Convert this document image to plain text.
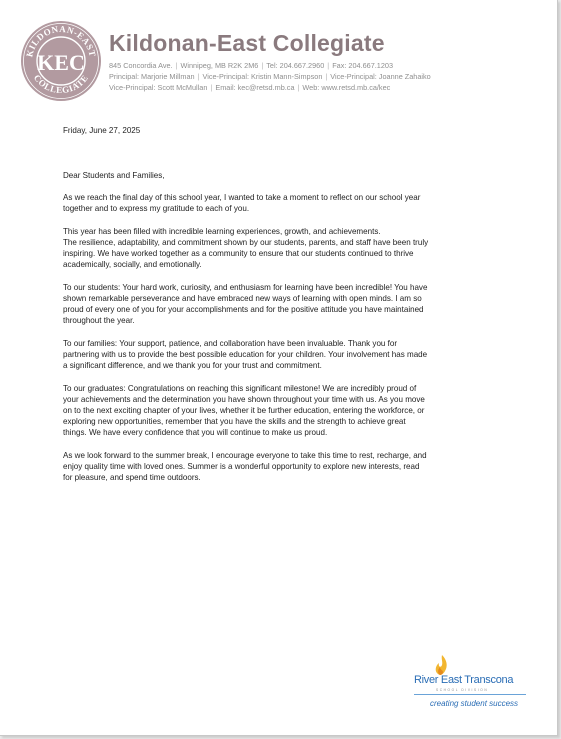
KILDONAN-EAST
COLLEGIATE
KEC
Kildonan-East Collegiate
845 Concordia Ave. | Winnipeg, MB R2K 2M6 | Tel: 204.667.2960 | Fax: 204.667.1203
Principal: Marjorie Millman | Vice-Principal: Kristin Mann-Simpson | Vice-Principal: Joanne Zahaiko
Vice-Principal: Scott McMullan | Email: kec@retsd.mb.ca | Web: www.retsd.mb.ca/kec

Friday, June 27, 2025

Dear Students and Families,

As we reach the final day of this school year, I wanted to take a moment to reflect on our school year
together and to express my gratitude to each of you.

This year has been filled with incredible learning experiences, growth, and achievements.
The resilience, adaptability, and commitment shown by our students, parents, and staff have been truly
inspiring. We have worked together as a community to ensure that our students continued to thrive
academically, socially, and emotionally.

To our students: Your hard work, curiosity, and enthusiasm for learning have been incredible! You have
shown remarkable perseverance and have embraced new ways of learning with open minds. I am so
proud of every one of you for your accomplishments and for the positive attitude you have maintained
throughout the year.

To our families: Your support, patience, and collaboration have been invaluable. Thank you for
partnering with us to provide the best possible education for your children. Your involvement has made
a significant difference, and we thank you for your trust and commitment.

To our graduates: Congratulations on reaching this significant milestone! We are incredibly proud of
your achievements and the determination you have shown throughout your time with us. As you move
on to the next exciting chapter of your lives, whether it be further education, entering the workforce, or
exploring new opportunities, remember that you have the skills and the strength to achieve great
things. We have every confidence that you will continue to make us proud.

As we look forward to the summer break, I encourage everyone to take this time to rest, recharge, and
enjoy quality time with loved ones. Summer is a wonderful opportunity to explore new interests, read
for pleasure, and spend time outdoors.

River East Transcona
SCHOOL DIVISION
creating student success
